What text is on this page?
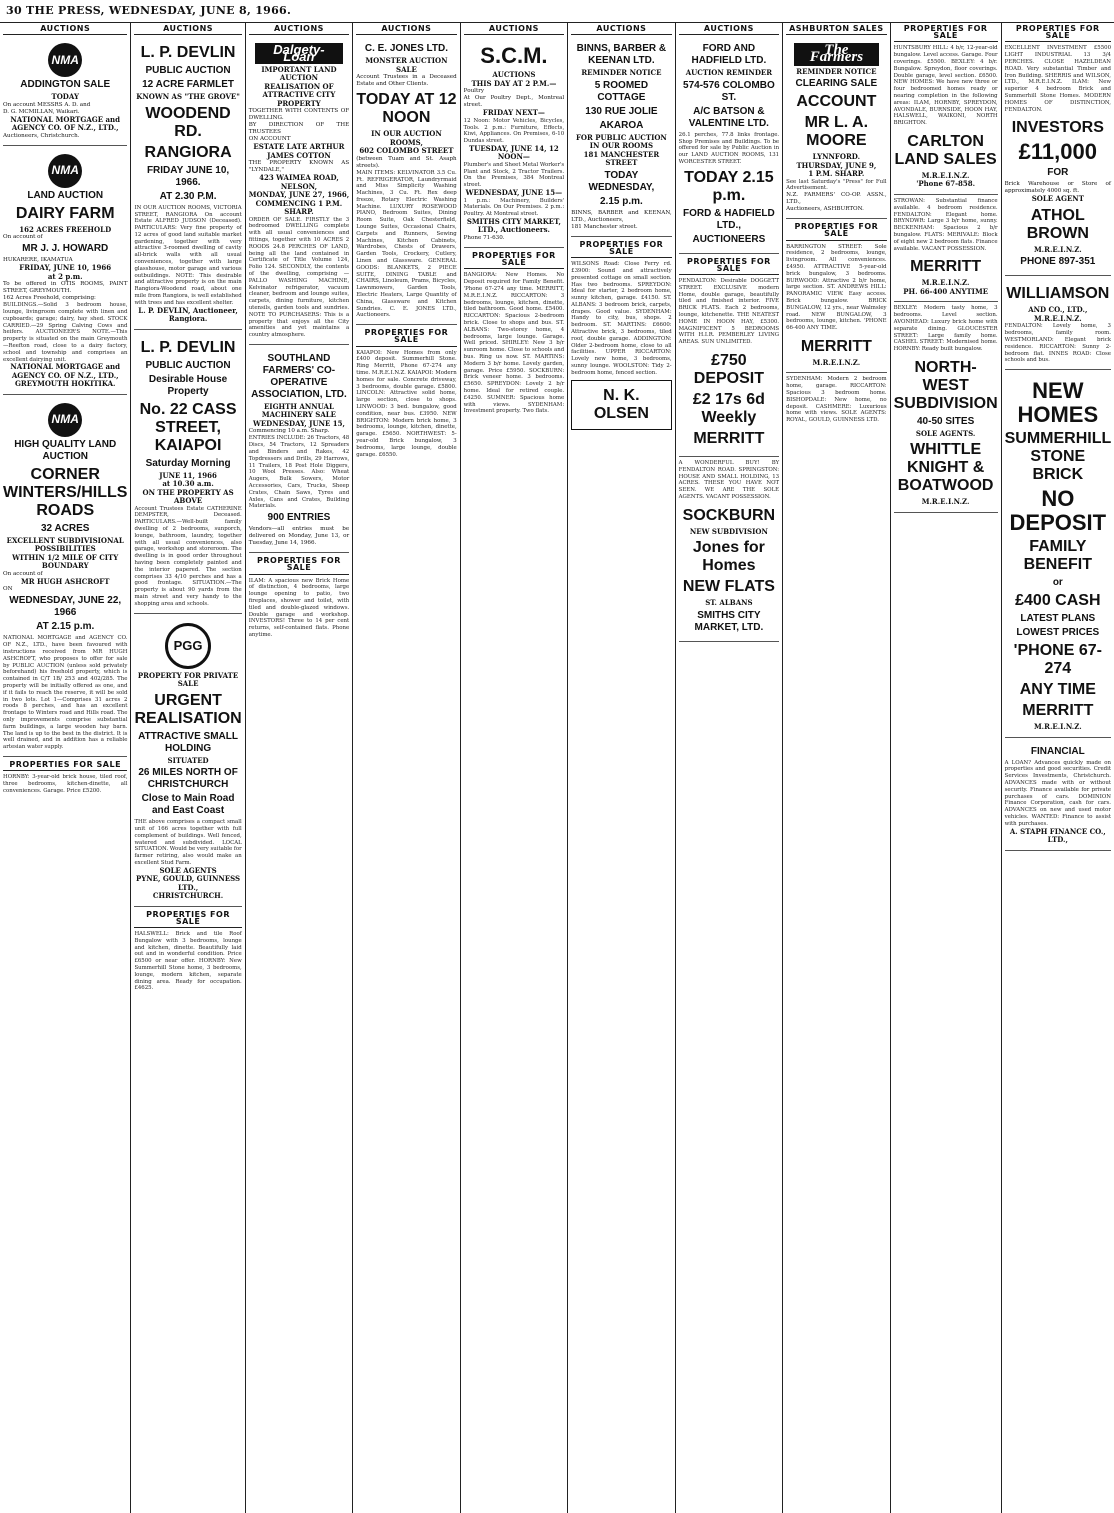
30 THE PRESS, WEDNESDAY, JUNE 8, 1966.
AUCTIONS
NMA
ADDINGTON SALE
TODAY
On account MESSRS A. D. and
D. G. MCMILLAN, Waikari.
NATIONAL MORTGAGE and AGENCY CO. OF N.Z., LTD.,
Auctioneers, Christchurch.
NMA
LAND AUCTION
DAIRY FARM
162 ACRES FREEHOLD
On account of
MR J. J. HOWARD
HUKARERE, IKAMATUA
FRIDAY, JUNE 10, 1966
at 2 p.m.
To be offered in OTIS ROOMS, PAINT STREET, GREYMOUTH.
162 Acres Freehold, comprising:
BUILDINGS.—Solid 3 bedroom house, lounge, livingroom complete with linen and cupboards; garage; dairy, hay shed. STOCK CARRIED.—29 Spring Calving Cows and heifers. AUCTIONEER'S NOTE.—This property is situated on the main Greymouth—Reefton road, close to a dairy factory, school and township and comprises an excellent dairying unit.
NATIONAL MORTGAGE and AGENCY CO. OF N.Z., LTD.,
GREYMOUTH HOKITIKA.
NMA
HIGH QUALITY LAND AUCTION
CORNER WINTERS/HILLS ROADS
32 ACRES
EXCELLENT SUBDIVISIONAL POSSIBILITIES
WITHIN 1/2 MILE OF CITY BOUNDARY
On account of
MR HUGH ASHCROFT
ON
WEDNESDAY, JUNE 22, 1966
AT 2.15 p.m.
NATIONAL MORTGAGE and AGENCY CO. OF N.Z., LTD., have been favoured with instructions received from MR HUGH ASHCROFT, who proposes to offer for sale by PUBLIC AUCTION (unless sold privately beforehand) his freehold property, which is contained in C/T 1B/ 253 and 402/285. The property will be initially offered as one, and if it fails to reach the reserve, it will be sold in two lots. Lot 1—Comprises 31 acres 2 roods 8 perches, and has an excellent frontage to Winters road and Hills road. The only improvements comprise substantial farm buildings, a large wooden hay barn. The land is up to the best in the district. It is well drained, and in addition has a reliable artesian water supply.
PROPERTIES FOR SALE
HORNBY: 3-year-old brick house, tiled roof, three bedrooms, kitchen-dinette, all conveniences. Garage. Price £5200.
AUCTIONS
L. P. DEVLIN
PUBLIC AUCTION
12 ACRE FARMLET
KNOWN AS "THE GROVE"
WOODEND RD.
RANGIORA
FRIDAY JUNE 10, 1966.
AT 2.30 P.M.
IN OUR AUCTION ROOMS, VICTORIA STREET, RANGIORA On account Estate ALFRED JUDSON (Deceased). PARTICULARS: Very fine property of 12 acres of good land suitable market gardening, together with very attractive 3-roomed dwelling of cavity all-brick walls with all usual conveniences, together with large glasshouse, motor garage and various outbuildings. NOTE: This desirable and attractive property is on the main Rangiora-Woodend road, about one mile from Rangiora, is well established with trees and has excellent shelter.
L. P. DEVLIN, Auctioneer, Rangiora.
L. P. DEVLIN
PUBLIC AUCTION
Desirable House Property
No. 22 CASS STREET, KAIAPOI
Saturday Morning
JUNE 11, 1966
at 10.30 a.m.
ON THE PROPERTY AS ABOVE
Account Trustees Estate CATHERINE DEMPSTER, Deceased. PARTICULARS.—Well-built family dwelling of 2 bedrooms, sunporch, lounge, bathroom, laundry, together with all usual conveniences, also garage, workshop and storeroom. The dwelling is in good order throughout having been completely painted and the interior papered. The section comprises 33 4/10 perches and has a good frontage. SITUATION.—The property is about 90 yards from the main street and very handy to the shopping area and schools.
PGG
PROPERTY FOR PRIVATE SALE
URGENT REALISATION
ATTRACTIVE SMALL HOLDING
SITUATED
26 MILES NORTH OF CHRISTCHURCH
Close to Main Road and East Coast
THE above comprises a compact small unit of 166 acres together with full complement of buildings. Well fenced, watered and subdivided. LOCAL SITUATION. Would be very suitable for farmer retiring, also would make an excellent Stud Farm.
SOLE AGENTS
PYNE, GOULD, GUINNESS LTD.,
CHRISTCHURCH.
PROPERTIES FOR SALE
HALSWELL: Brick and tile Roof Bungalow with 3 bedrooms, lounge and kitchen, dinette. Beautifully laid out and in wonderful condition. Price £6500 or near offer. HORNBY: New Summerhill Stone home, 3 bedrooms, lounge, modern kitchen, separate dining area. Ready for occupation. £4625.
AUCTIONS
Dalgety-Loan
IMPORTANT LAND AUCTION
REALISATION OF ATTRACTIVE CITY PROPERTY
TOGETHER WITH CONTENTS OF DWELLING.
BY DIRECTION OF THE TRUSTEES
ON ACCOUNT
ESTATE LATE ARTHUR JAMES COTTON
THE PROPERTY KNOWN AS "LYNDALE,"
423 WAIMEA ROAD, NELSON,
MONDAY, JUNE 27, 1966,
COMMENCING 1 P.M. SHARP.
ORDER OF SALE. FIRSTLY the 3 bedroomed DWELLING complete with all usual conveniences and fittings, together with 10 ACRES 2 ROODS 24.8 PERCHES OF LAND, being all the land contained in Certificate of Title Volume 124, Folio 124. SECONDLY, the contents of the dwelling, comprising — PALLO WASHING MACHINE, Kelvinator refrigerator, vacuum cleaner, bedroom and lounge suites, carpets, dining furniture, kitchen utensils, garden tools and sundries. NOTE TO PURCHASERS: This is a property that enjoys all the City amenities and yet maintains a country atmosphere.
SOUTHLAND FARMERS' CO-OPERATIVE ASSOCIATION, LTD.
EIGHTH ANNUAL MACHINERY SALE
WEDNESDAY, JUNE 15,
Commencing 10 a.m. Sharp.
ENTRIES INCLUDE: 26 Tractors, 48 Discs, 54 Tractors, 12 Spreaders and Binders and Rakes, 42 Topdressers and Drills, 29 Harrows, 11 Trailers, 18 Post Hole Diggers, 10 Wool Presses. Also: Wheat Augers, Bulk Sowers, Motor Accessories, Cars, Trucks, Sheep Crates, Chain Saws, Tyres and Axles, Cans and Crates, Building Materials.
900 ENTRIES
Vendors—all entries must be delivered on Monday, June 13, or Tuesday, June 14, 1966.
PROPERTIES FOR SALE
ILAM: A spacious new Brick Home of distinction, 4 bedrooms, large lounge opening to patio, two fireplaces, shower and toilet, with tiled and double-glazed windows. Double garage and workshop. INVESTORS! Three to 14 per cent returns, self-contained flats. Phone anytime.
AUCTIONS
C. E. JONES LTD.
MONSTER AUCTION SALE
Account Trustees in a Deceased Estate and Other Clients.
TODAY AT 12 NOON
IN OUR AUCTION ROOMS,
602 COLOMBO STREET
(between Tuam and St. Asaph streets).
MAIN ITEMS: KELVINATOR 3.5 Cu. Ft. REFRIGERATOR, Laundryrmaid and Miss Simplicity Washing Machines, 3 Cu. Ft. Rex deep freeze, Rotary Electric Washing Machine. LUXURY ROSEWOOD PIANO, Bedroom Suites, Dining Room Suite, Oak Chesterfield, Lounge Suites, Occasional Chairs, Carpets and Runners, Sewing Machines, Kitchen Cabinets, Wardrobes, Chests of Drawers, Garden Tools, Crockery, Cutlery, Linen and Glassware. GENERAL GOODS: BLANKETS, 2 PIECE SUITE, DINING TABLE and CHAIRS, Linoleum, Prams, Bicycles, Lawnmowers, Garden Tools, Electric Heaters, Large Quantity of China, Glassware and Kitchen Sundries. C. E. JONES LTD., Auctioneers.
PROPERTIES FOR SALE
KAIAPOI: New Homes from only £400 deposit. Summerhill Stone. Ring Merritt, Phone 67-274 any time. M.R.E.I.N.Z. KAIAPOI: Modern homes for sale. Concrete driveway, 3 bedrooms, double garage. £5800. LINCOLN: Attractive solid home, large section, close to shops. LINWOOD: 3 bed. bungalow, good condition, near bus. £3950. NEW BRIGHTON: Modern brick home, 3 bedrooms, lounge, kitchen, dinette, garage. £5650. NORTHWEST: 5-year-old Brick bungalow, 3 bedrooms, large lounge, double garage. £6550.
AUCTIONS
S.C.M.
AUCTIONS
THIS DAY AT 2 P.M.—
Poultry
At Our Poultry Dept., Montreal street.
FRIDAY NEXT—
12 Noon: Motor Vehicles, Bicycles, Tools. 2 p.m.: Furniture, Effects, Kiwi, Appliances. On Premises, 6-10 Dundas street.
TUESDAY, JUNE 14, 12 NOON—
Plumber's and Sheet Metal Worker's Plant and Stock, 2 Tractor Trailers. On the Premises, 384 Montreal street.
WEDNESDAY, JUNE 15—
1 p.m.: Machinery, Builders' Materials. On Our Premises. 2 p.m.: Poultry. At Montreal street.
SMITHS CITY MARKET, LTD., Auctioneers.
Phone 71-630.
PROPERTIES FOR SALE
BANGIORA: New Homes. No Deposit required for Family Benefit. 'Phone 67-274 any time. MERRITT, M.R.E.I.N.Z. RICCARTON: 3 bedrooms, lounge, kitchen, dinette, tiled bathroom. Good home. £5400. RICCARTON: Spacious 2-bedroom brick. Close to shops and bus. ST. ALBANS: Two-storey home, 4 bedrooms, large lounge. Garage. Well priced. SHIRLEY: New 3 b/r sunroom home. Close to schools and bus. Ring us now. ST. MARTINS: Modern 3 b/r home. Lovely garden, garage. Price £5950. SOCKBURN: Brick veneer home. 3 bedrooms. £5650. SPREYDON: Lovely 2 b/r home. Ideal for retired couple. £4250. SUMNER: Spacious home with views. SYDENHAM: Investment property. Two flats.
AUCTIONS
BINNS, BARBER & KEENAN LTD.
REMINDER NOTICE
5 ROOMED COTTAGE
130 RUE JOLIE
AKAROA
FOR PUBLIC AUCTION
IN OUR ROOMS
181 MANCHESTER STREET
TODAY WEDNESDAY,
2.15 p.m.
BINNS, BARBER and KEENAN, LTD., Auctioneers,
181 Manchester street.
PROPERTIES FOR SALE
WILSONS Road: Close Ferry rd. £3900: Sound and attractively presented cottage on small section. Has two bedrooms. SPREYDON: Ideal for starter, 2 bedroom home, sunny kitchen, garage. £4150. ST. ALBANS: 3 bedroom brick, carpets, drapes. Good value. SYDENHAM: Handy to city, bus, shops. 2 bedroom. ST. MARTINS: £6600: Attractive brick, 3 bedrooms, tiled roof, double garage. ADDINGTON: Older 2-bedroom home, close to all facilities. UPPER RICCARTON: Lovely new home, 3 bedrooms, sunny lounge. WOOLSTON: Tidy 2-bedroom home, fenced section.
N. K. OLSEN
AUCTIONS
FORD AND HADFIELD LTD.
AUCTION REMINDER
574-576 COLOMBO ST.
A/C BATSON & VALENTINE LTD.
26.1 perches, 77.8 links frontage. Shop Premises and Buildings. To be offered for sale by Public Auction in our LAND AUCTION ROOMS, 131 WORCESTER STREET.
TODAY 2.15 p.m.
FORD & HADFIELD LTD.,
AUCTIONEERS
PROPERTIES FOR SALE
PENDALTON: Desirable DOGGETT STREET. EXCLUSIVE modern Home, double garage, beautifully tiled and finished interior. FIVE BRICK FLATS. Each 2 bedrooms, lounge, kitchenette. THE NEATEST HOME IN HOON HAY, £5300. MAGNIFICENT 5 BEDROOMS WITH H.I.R. PEMBERLEY LIVING AREAS. SUN UNLIMITED.
£750 DEPOSIT
£2 17s 6d Weekly
MERRITT
A WONDERFUL BUY! BY FENDALTON ROAD. SPRINGSTON: HOUSE AND SMALL HOLDING, 13 ACRES. THESE YOU HAVE NOT SEEN. WE ARE THE SOLE AGENTS. VACANT POSSESSION.
SOCKBURN
NEW SUBDIVISION
Jones for Homes
NEW FLATS
ST. ALBANS
SMITHS CITY MARKET, LTD.
ASHBURTON SALES
The Farmers
REMINDER NOTICE
CLEARING SALE
ACCOUNT
MR L. A. MOORE
LYNNFORD.
THURSDAY, JUNE 9,
1 P.M. SHARP.
See last Saturday's "Press" for Full Advertisement.
N.Z. FARMERS' CO-OP. ASSN., LTD.,
Auctioneers, ASHBURTON.
PROPERTIES FOR SALE
BARRINGTON STREET: Sole residence, 2 bedrooms, lounge, livingroom. All conveniences. £4950. ATTRACTIVE 5-year-old brick bungalow, 3 bedrooms. BURWOOD: Attractive 2 b/r home, large section. ST. ANDREWS HILL: PANORAMIC VIEW. Easy access. Brick bungalow. BRICK BUNGALOW, 12 yrs., near Walmsley road. NEW BUNGALOW, 3 bedrooms, lounge, kitchen. 'PHONE 66-400 ANY TIME.
MERRITT
M.R.E.I.N.Z.
SYDENHAM: Modern 2 bedroom home, garage. RICCARTON: Spacious 3 bedroom home. BISHOPDALE: New home, no deposit. CASHMERE: Luxurious home with views. SOLE AGENTS: ROYAL, GOULD, GUINNESS LTD.
PROPERTIES FOR SALE
HUNTSBURY HILL: 4 b/r, 12-year-old bungalow. Level access. Garage. Four coverings. £5500. BEXLEY: 4 b/r. Bungalow. Spreydon, floor coverings. Double garage, level section. £6500. NEW HOMES: We have new three or four bedroomed homes ready or nearing completion in the following areas: ILAM, HORNBY, SPREYDON, AVONDALE, BURNSIDE, HOON HAY, HALSWELL, WAIKONI, NORTH BRIGHTON.
CARLTON LAND SALES
M.R.E.I.N.Z.
'Phone 67-858.
STROWAN: Substantial finance available. 4 bedroom residence. FENDALTON: Elegant home. BRYNDWR: Large 3 b/r home, sunny. BECKENHAM: Spacious 2 b/r bungalow. FLATS: MERIVALE: Block of eight new 2 bedroom flats. Finance available. VACANT POSSESSION.
MERRITT
M.R.E.I.N.Z.
PH. 66-400 ANYTIME
BEXLEY: Modern tasty home, 3 bedrooms. Level section. AVONHEAD: Luxury brick home with separate dining. GLOUCESTER STREET: Large family home. CASHEL STREET: Modernised home. HORNBY: Ready built bungalow.
NORTH-WEST SUBDIVISION
40-50 SITES
SOLE AGENTS.
WHITTLE KNIGHT & BOATWOOD
M.R.E.I.N.Z.
PROPERTIES FOR SALE
EXCELLENT INVESTMENT £5500 LIGHT INDUSTRIAL 13 3/4 PERCHES. CLOSE HAZELDEAN ROAD. Very substantial Timber and Iron Building. SHERRIS and WILSON, LTD., M.R.E.I.N.Z. ILAM: New superior 4 bedroom Brick and Summerhill Stone Homes. MODERN HOMES OF DISTINCTION, FENDALTON.
INVESTORS
£11,000
FOR
Brick Warehouse or Store of approximately 4000 sq. ft.
SOLE AGENT
ATHOL BROWN
M.R.E.I.N.Z.
PHONE 897-351
WILLIAMSON
AND CO., LTD., M.R.E.I.N.Z.
FENDALTON: Lovely home, 3 bedrooms, family room. WESTMORLAND: Elegant brick residence. RICCARTON: Sunny 2-bedroom flat. INNES ROAD: Close schools and bus.
NEW HOMES
SUMMERHILL STONE BRICK
NO DEPOSIT
FAMILY BENEFIT
or
£400 CASH
LATEST PLANS
LOWEST PRICES
'PHONE 67-274
ANY TIME
MERRITT
M.R.E.I.N.Z.
FINANCIAL
A LOAN? Advances quickly made on properties and good securities. Credit Services Investments, Christchurch. ADVANCES made with or without security. Finance available for private purchases of cars. DOMINION Finance Corporation, cash for cars. ADVANCES on new and used motor vehicles. WANTED: Finance to assist with purchases.
A. STAPH FINANCE CO., LTD.,
